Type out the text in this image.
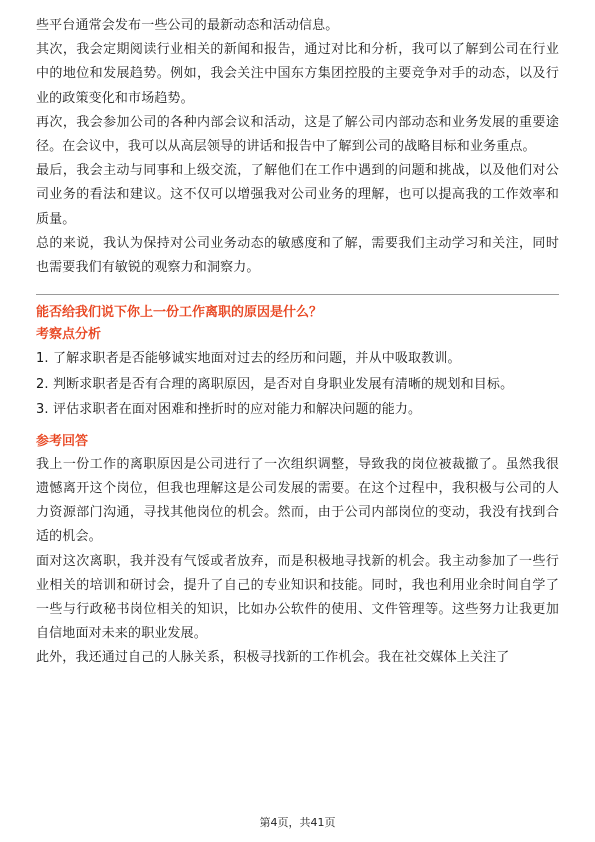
些平台通常会发布一些公司的最新动态和活动信息。

其次，我会定期阅读行业相关的新闻和报告，通过对比和分析，我可以了解到公司在行业中的地位和发展趋势。例如，我会关注中国东方集团控股的主要竞争对手的动态，以及行业的政策变化和市场趋势。

再次，我会参加公司的各种内部会议和活动，这是了解公司内部动态和业务发展的重要途径。在会议中，我可以从高层领导的讲话和报告中了解到公司的战略目标和业务重点。

最后，我会主动与同事和上级交流，了解他们在工作中遇到的问题和挑战，以及他们对公司业务的看法和建议。这不仅可以增强我对公司业务的理解，也可以提高我的工作效率和质量。

总的来说，我认为保持对公司业务动态的敏感度和了解，需要我们主动学习和关注，同时也需要我们有敏锐的观察力和洞察力。

能否给我们说下你上一份工作离职的原因是什么？
考察点分析
1. 了解求职者是否能够诚实地面对过去的经历和问题，并从中吸取教训。
2. 判断求职者是否有合理的离职原因，是否对自身职业发展有清晰的规划和目标。
3. 评估求职者在面对困难和挫折时的应对能力和解决问题的能力。
参考回答

我上一份工作的离职原因是公司进行了一次组织调整，导致我的岗位被裁撤了。虽然我很遗憾离开这个岗位，但我也理解这是公司发展的需要。在这个过程中，我积极与公司的人力资源部门沟通，寻找其他岗位的机会。然而，由于公司内部岗位的变动，我没有找到合适的机会。

面对这次离职，我并没有气馁或者放弃，而是积极地寻找新的机会。我主动参加了一些行业相关的培训和研讨会，提升了自己的专业知识和技能。同时，我也利用业余时间自学了一些与行政秘书岗位相关的知识，比如办公软件的使用、文件管理等。这些努力让我更加自信地面对未来的职业发展。

此外，我还通过自己的人脉关系，积极寻找新的工作机会。我在社交媒体上关注了

第4页，共41页
